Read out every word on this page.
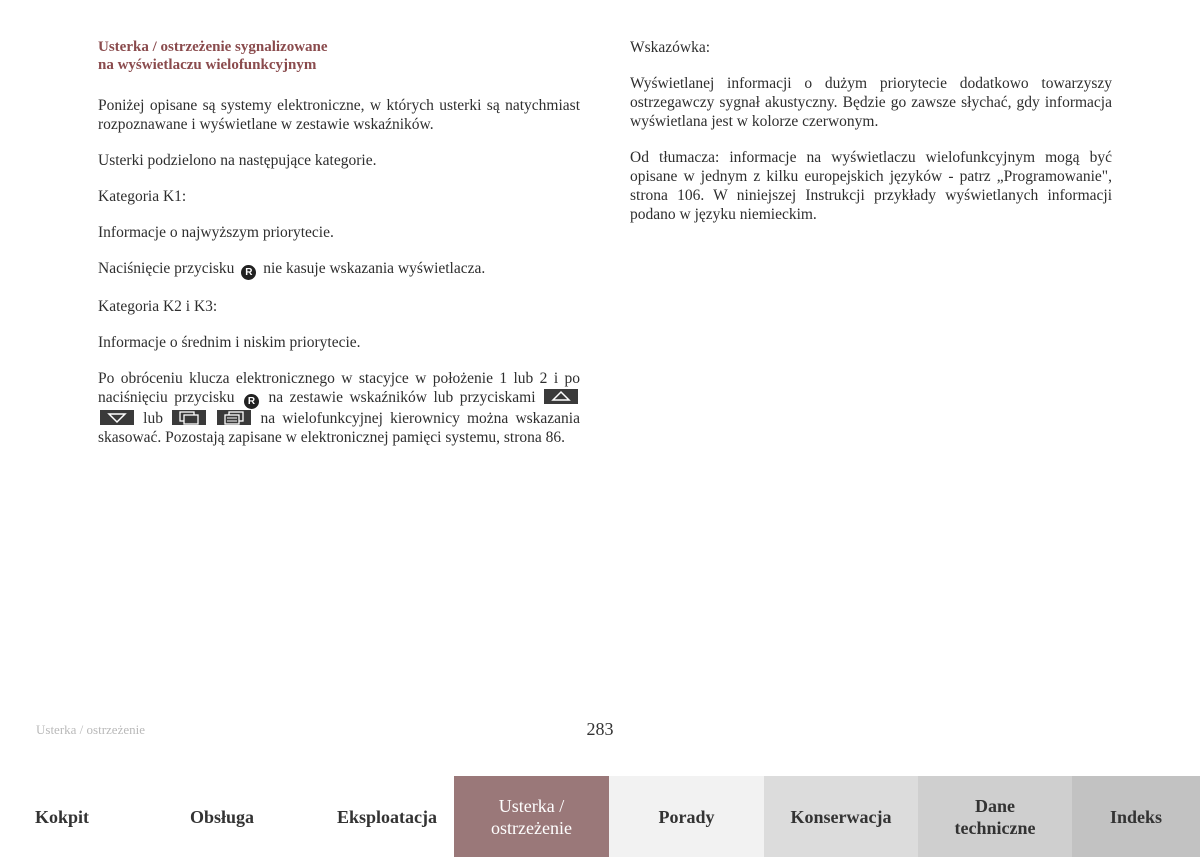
Usterka / ostrzeżenie sygnalizowane
na wyświetlaczu wielofunkcyjnym

Poniżej opisane są systemy elektroniczne, w których usterki są natychmiast rozpoznawane i wyświetlane w zestawie wskaźników.

Usterki podzielono na następujące kategorie.

Kategoria K1:

Informacje o najwyższym priorytecie.

Naciśnięcie przycisku R nie kasuje wskazania wyświetlacza.

Kategoria K2 i K3:

Informacje o średnim i niskim priorytecie.

Po obróceniu klucza elektronicznego w stacyjce w położenie 1 lub 2 i po naciśnięciu przycisku R na zestawie wskaźników lub przyciskami

lub
	na wielofunkcyjnej kierownicy można wskazania skasować. Pozostają zapisane w elektronicznej pamięci systemu, strona 86.

Wskazówka:

Wyświetlanej informacji o dużym priorytecie dodatkowo towarzyszy ostrzegawczy sygnał akustyczny. Będzie go zawsze słychać, gdy informacja wyświetlana jest w kolorze czerwonym.

Od tłumacza: informacje na wyświetlaczu wielofunkcyjnym mogą być opisane w jednym z kilku europejskich języków - patrz „Programowanie", strona 106. W niniejszej Instrukcji przykłady wyświetlanych informacji podano w języku niemieckim.

Usterka / ostrzeżenie	283
Kokpit	Obsługa	Eksploatacja
Usterka /
ostrzeżenie
Porady	Konserwacja
Dane
techniczne
Indeks
